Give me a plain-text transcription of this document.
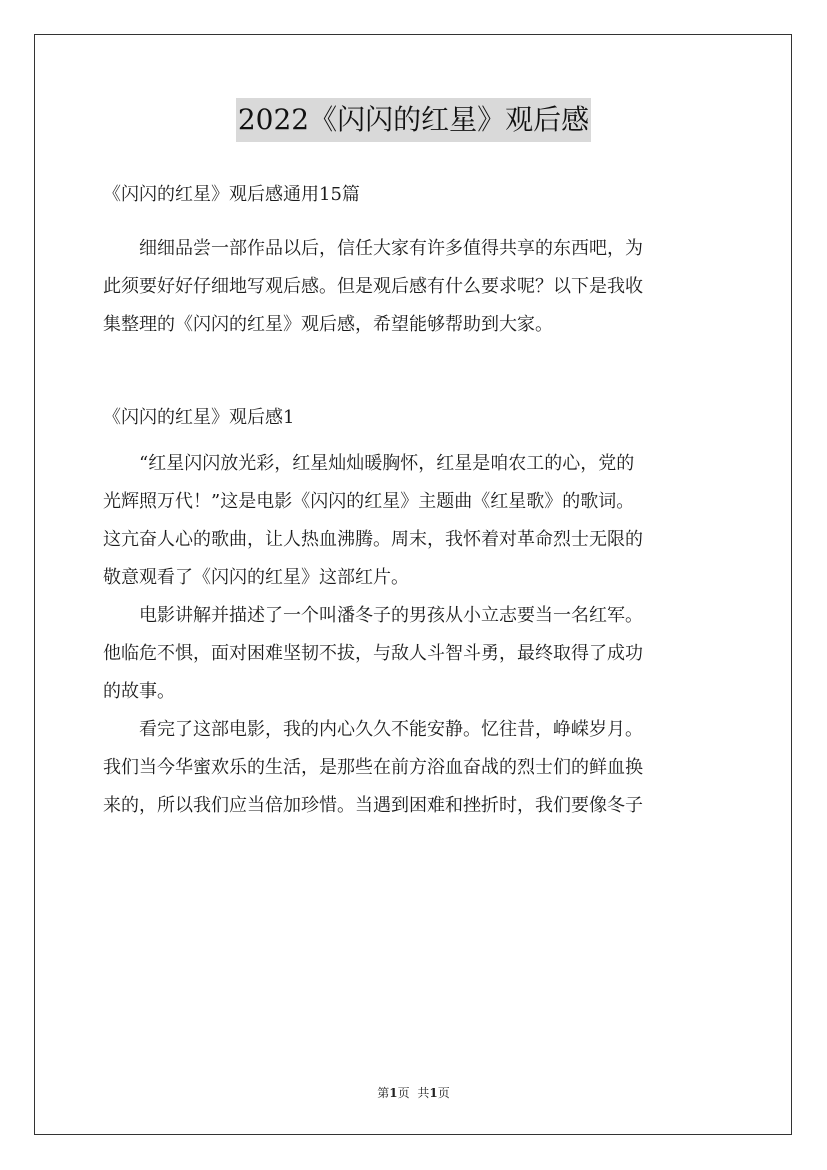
2022《闪闪的红星》观后感

《闪闪的红星》观后感通用15篇

细细品尝一部作品以后，信任大家有许多值得共享的东西吧，为
此须要好好仔细地写观后感。但是观后感有什么要求呢？以下是我收
集整理的《闪闪的红星》观后感，希望能够帮助到大家。
《闪闪的红星》观后感1
“红星闪闪放光彩，红星灿灿暖胸怀，红星是咱农工的心，党的
光辉照万代！”这是电影《闪闪的红星》主题曲《红星歌》的歌词。
这亢奋人心的歌曲，让人热血沸腾。周末，我怀着对革命烈士无限的
敬意观看了《闪闪的红星》这部红片。
电影讲解并描述了一个叫潘冬子的男孩从小立志要当一名红军。
他临危不惧，面对困难坚韧不拔，与敌人斗智斗勇，最终取得了成功
的故事。
看完了这部电影，我的内心久久不能安静。忆往昔，峥嵘岁月。
我们当今华蜜欢乐的生活，是那些在前方浴血奋战的烈士们的鲜血换
来的，所以我们应当倍加珍惜。当遇到困难和挫折时，我们要像冬子
第1页 共1页
